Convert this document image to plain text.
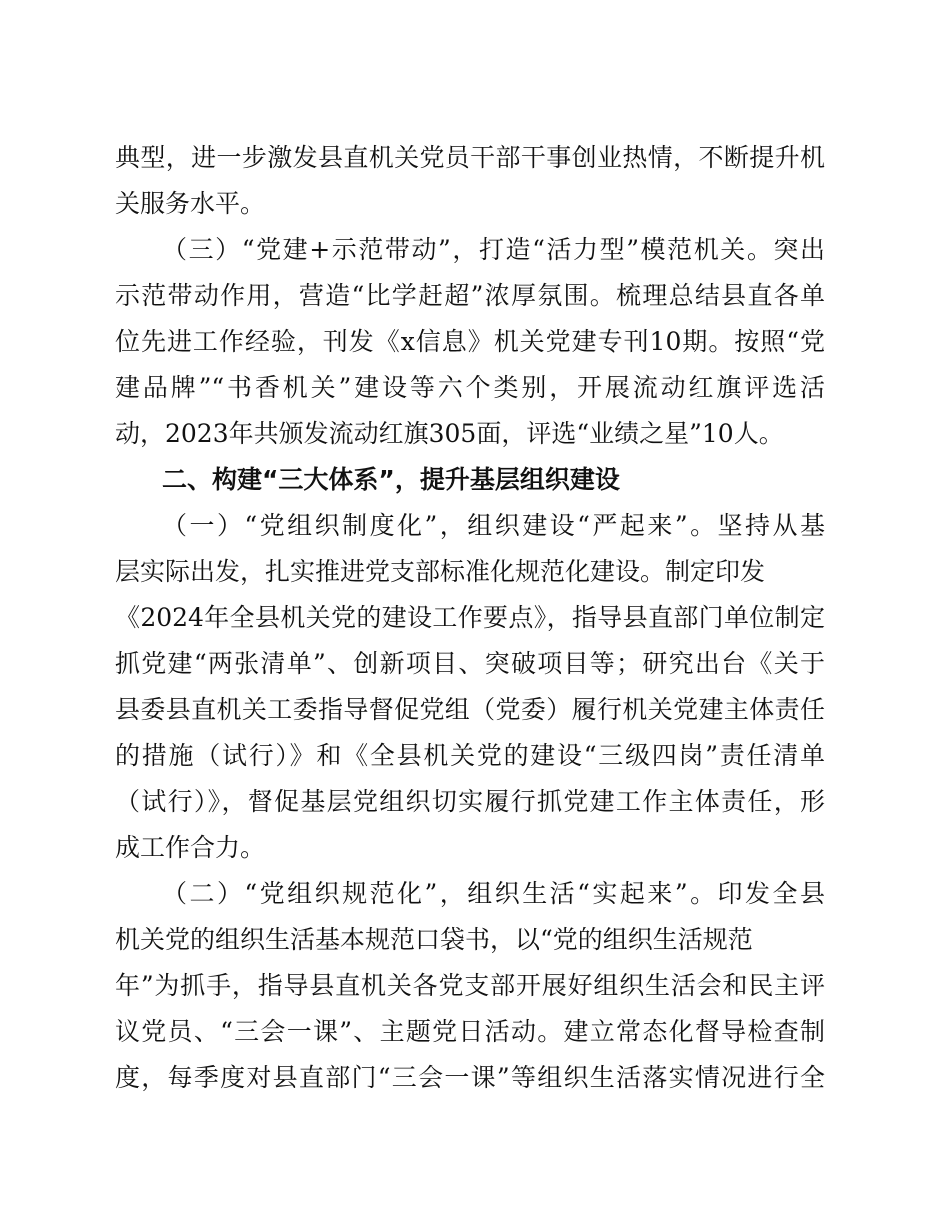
典型，进一步激发县直机关党员干部干事创业热情，不断提升机
关服务水平。
（三）“党建+示范带动”，打造“活力型”模范机关。突出
示范带动作用，营造“比学赶超”浓厚氛围。梳理总结县直各单
位先进工作经验，刊发《x信息》机关党建专刊10期。按照“党
建品牌”“书香机关”建设等六个类别，开展流动红旗评选活
动，2023年共颁发流动红旗305面，评选“业绩之星”10人。
二、构建“三大体系”，提升基层组织建设
（一）“党组织制度化”，组织建设“严起来”。坚持从基
层实际出发，扎实推进党支部标准化规范化建设。制定印发
《2024年全县机关党的建设工作要点》，指导县直部门单位制定
抓党建“两张清单”、创新项目、突破项目等；研究出台《关于
县委县直机关工委指导督促党组（党委）履行机关党建主体责任
的措施（试行）》和《全县机关党的建设“三级四岗”责任清单
（试行）》，督促基层党组织切实履行抓党建工作主体责任，形
成工作合力。
（二）“党组织规范化”，组织生活“实起来”。印发全县
机关党的组织生活基本规范口袋书，以“党的组织生活规范
年”为抓手，指导县直机关各党支部开展好组织生活会和民主评
议党员、“三会一课”、主题党日活动。建立常态化督导检查制
度，每季度对县直部门“三会一课”等组织生活落实情况进行全
